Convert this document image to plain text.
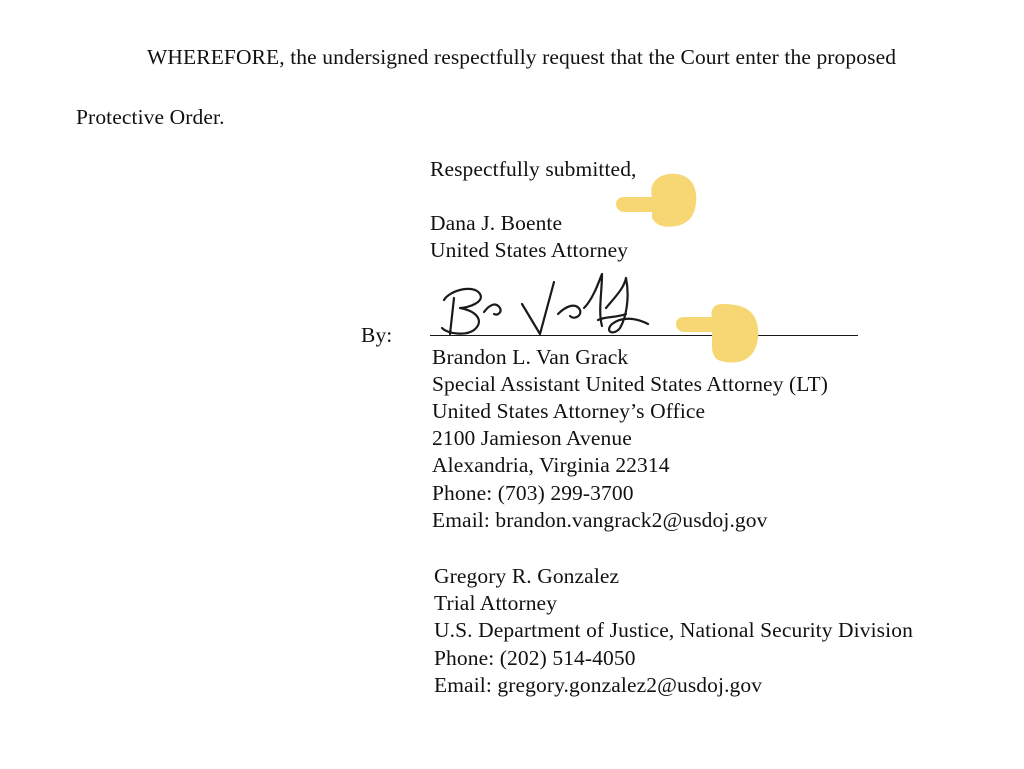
WHEREFORE, the undersigned respectfully request that the Court enter the proposed
Protective Order.
Respectfully submitted,
Dana J. Boente
United States Attorney
By:
Brandon L. Van Grack
Special Assistant United States Attorney (LT)
United States Attorney’s Office
2100 Jamieson Avenue
Alexandria, Virginia 22314
Phone: (703) 299-3700
Email: brandon.vangrack2@usdoj.gov
Gregory R. Gonzalez
Trial Attorney
U.S. Department of Justice, National Security Division
Phone: (202) 514-4050
Email: gregory.gonzalez2@usdoj.gov
